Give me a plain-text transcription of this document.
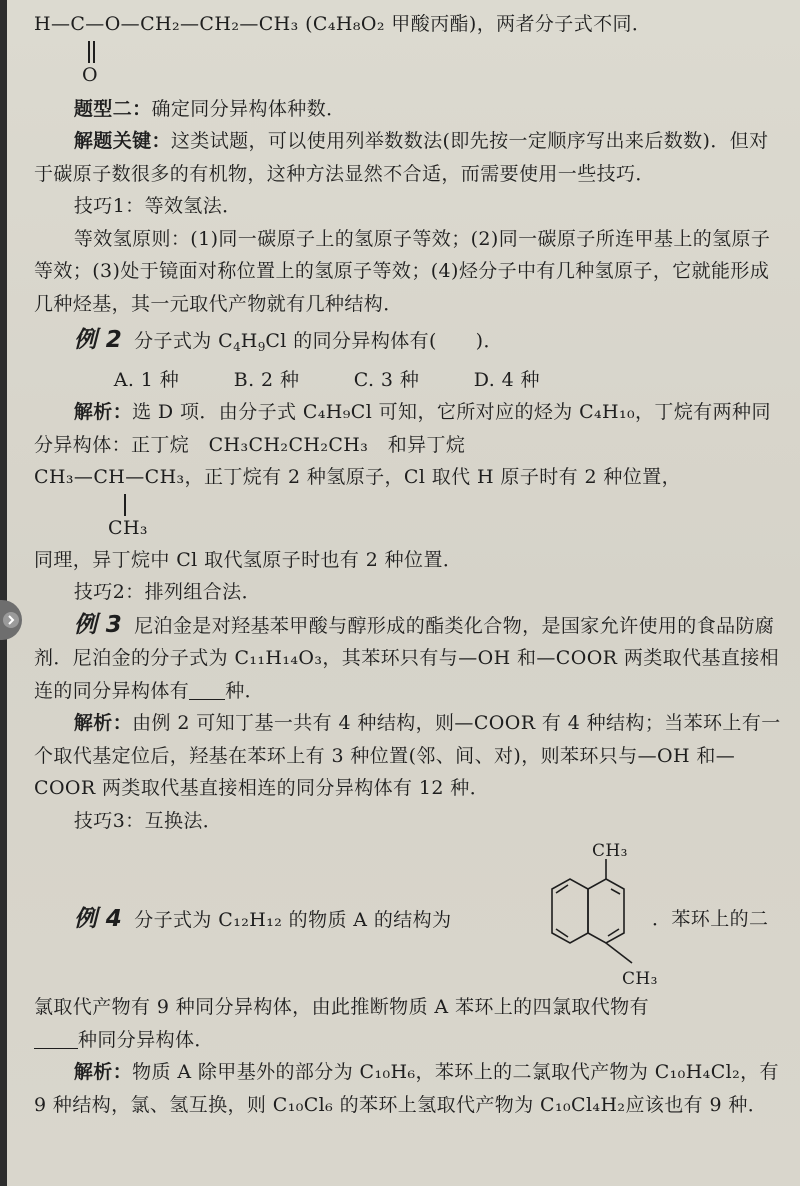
H—C—O—CH₂—CH₂—CH₃ (C₄H₈O₂ 甲酸丙酯)，两者分子式不同．

O

题型二：确定同分异构体种数．

解题关键：这类试题，可以使用列举数数法(即先按一定顺序写出来后数数)．但对于碳原子数很多的有机物，这种方法显然不合适，而需要使用一些技巧．

技巧1：等效氢法．

等效氢原则：(1)同一碳原子上的氢原子等效；(2)同一碳原子所连甲基上的氢原子等效；(3)处于镜面对称位置上的氢原子等效；(4)烃分子中有几种氢原子，它就能形成几种烃基，其一元取代产物就有几种结构．

例 2 分子式为 $C_4H_9Cl$ 的同分异构体有(　　)．

A. 1 种	B. 2 种	C. 3 种	D. 4 种

解析：选 D 项．由分子式 C₄H₉Cl 可知，它所对应的烃为 C₄H₁₀，丁烷有两种同分异构体：正丁烷　CH₃CH₂CH₂CH₃　和异丁烷

CH₃—CH—CH₃，正丁烷有 2 种氢原子，Cl 取代 H 原子时有 2 种位置，

CH₃

同理，异丁烷中 Cl 取代氢原子时也有 2 种位置．

技巧2：排列组合法．

例 3 尼泊金是对羟基苯甲酸与醇形成的酯类化合物，是国家允许使用的食品防腐剂．尼泊金的分子式为 C₁₁H₁₄O₃，其苯环只有与—OH 和—COOR 两类取代基直接相连的同分异构体有 种．

解析：由例 2 可知丁基一共有 4 种结构，则—COOR 有 4 种结构；当苯环上有一个取代基定位后，羟基在苯环上有 3 种位置(邻、间、对)，则苯环只与—OH 和—COOR 两类取代基直接相连的同分异构体有 12 种．

技巧3：互换法．

例 4 分子式为 C₁₂H₁₂ 的物质 A 的结构为
CH₃
CH₃
．苯环上的二

氯取代产物有 9 种同分异构体，由此推断物质 A 苯环上的四氯取代物有

种同分异构体．

解析：物质 A 除甲基外的部分为 C₁₀H₆，苯环上的二氯取代产物为 C₁₀H₄Cl₂，有 9 种结构，氯、氢互换，则 C₁₀Cl₆ 的苯环上氢取代产物为 C₁₀Cl₄H₂应该也有 9 种．
